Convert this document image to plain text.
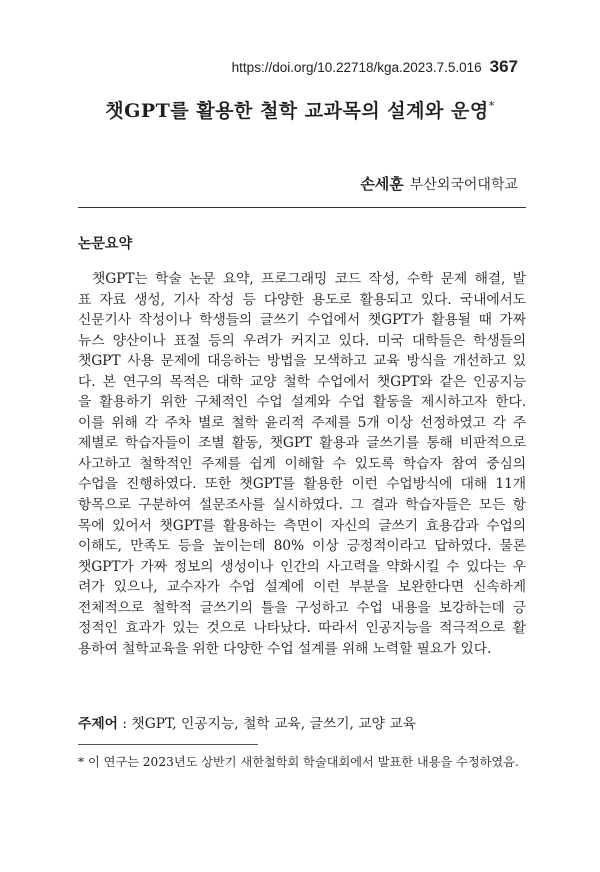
https://doi.org/10.22718/kga.2023.7.5.016 367
챗GPT를 활용한 철학 교과목의 설계와 운영*
손세훈 부산외국어대학교
논문요약
챗GPT는 학술 논문 요약, 프로그래밍 코드 작성, 수학 문제 해결, 발
표 자료 생성, 기사 작성 등 다양한 용도로 활용되고 있다. 국내에서도
신문기사 작성이나 학생들의 글쓰기 수업에서 챗GPT가 활용될 때 가짜
뉴스 양산이나 표절 등의 우려가 커지고 있다. 미국 대학들은 학생들의
챗GPT 사용 문제에 대응하는 방법을 모색하고 교육 방식을 개선하고 있
다. 본 연구의 목적은 대학 교양 철학 수업에서 챗GPT와 같은 인공지능
을 활용하기 위한 구체적인 수업 설계와 수업 활동을 제시하고자 한다.
이를 위해 각 주차 별로 철학 윤리적 주제를 5개 이상 선정하였고 각 주
제별로 학습자들이 조별 활동, 챗GPT 활용과 글쓰기를 통해 비판적으로
사고하고 철학적인 주제를 쉽게 이해할 수 있도록 학습자 참여 중심의
수업을 진행하였다. 또한 챗GPT를 활용한 이런 수업방식에 대해 11개
항목으로 구분하여 설문조사를 실시하였다. 그 결과 학습자들은 모든 항
목에 있어서 챗GPT를 활용하는 측면이 자신의 글쓰기 효용감과 수업의
이해도, 만족도 등을 높이는데 80% 이상 긍정적이라고 답하였다. 물론
챗GPT가 가짜 정보의 생성이나 인간의 사고력을 약화시킬 수 있다는 우
려가 있으나, 교수자가 수업 설계에 이런 부분을 보완한다면 신속하게
전체적으로 철학적 글쓰기의 틀을 구성하고 수업 내용을 보강하는데 긍
정적인 효과가 있는 것으로 나타났다. 따라서 인공지능을 적극적으로 활
용하여 철학교육을 위한 다양한 수업 설계를 위해 노력할 필요가 있다.
주제어 : 챗GPT, 인공지능, 철학 교육, 글쓰기, 교양 교육
* 이 연구는 2023년도 상반기 새한철학회 학술대회에서 발표한 내용을 수정하였음.
